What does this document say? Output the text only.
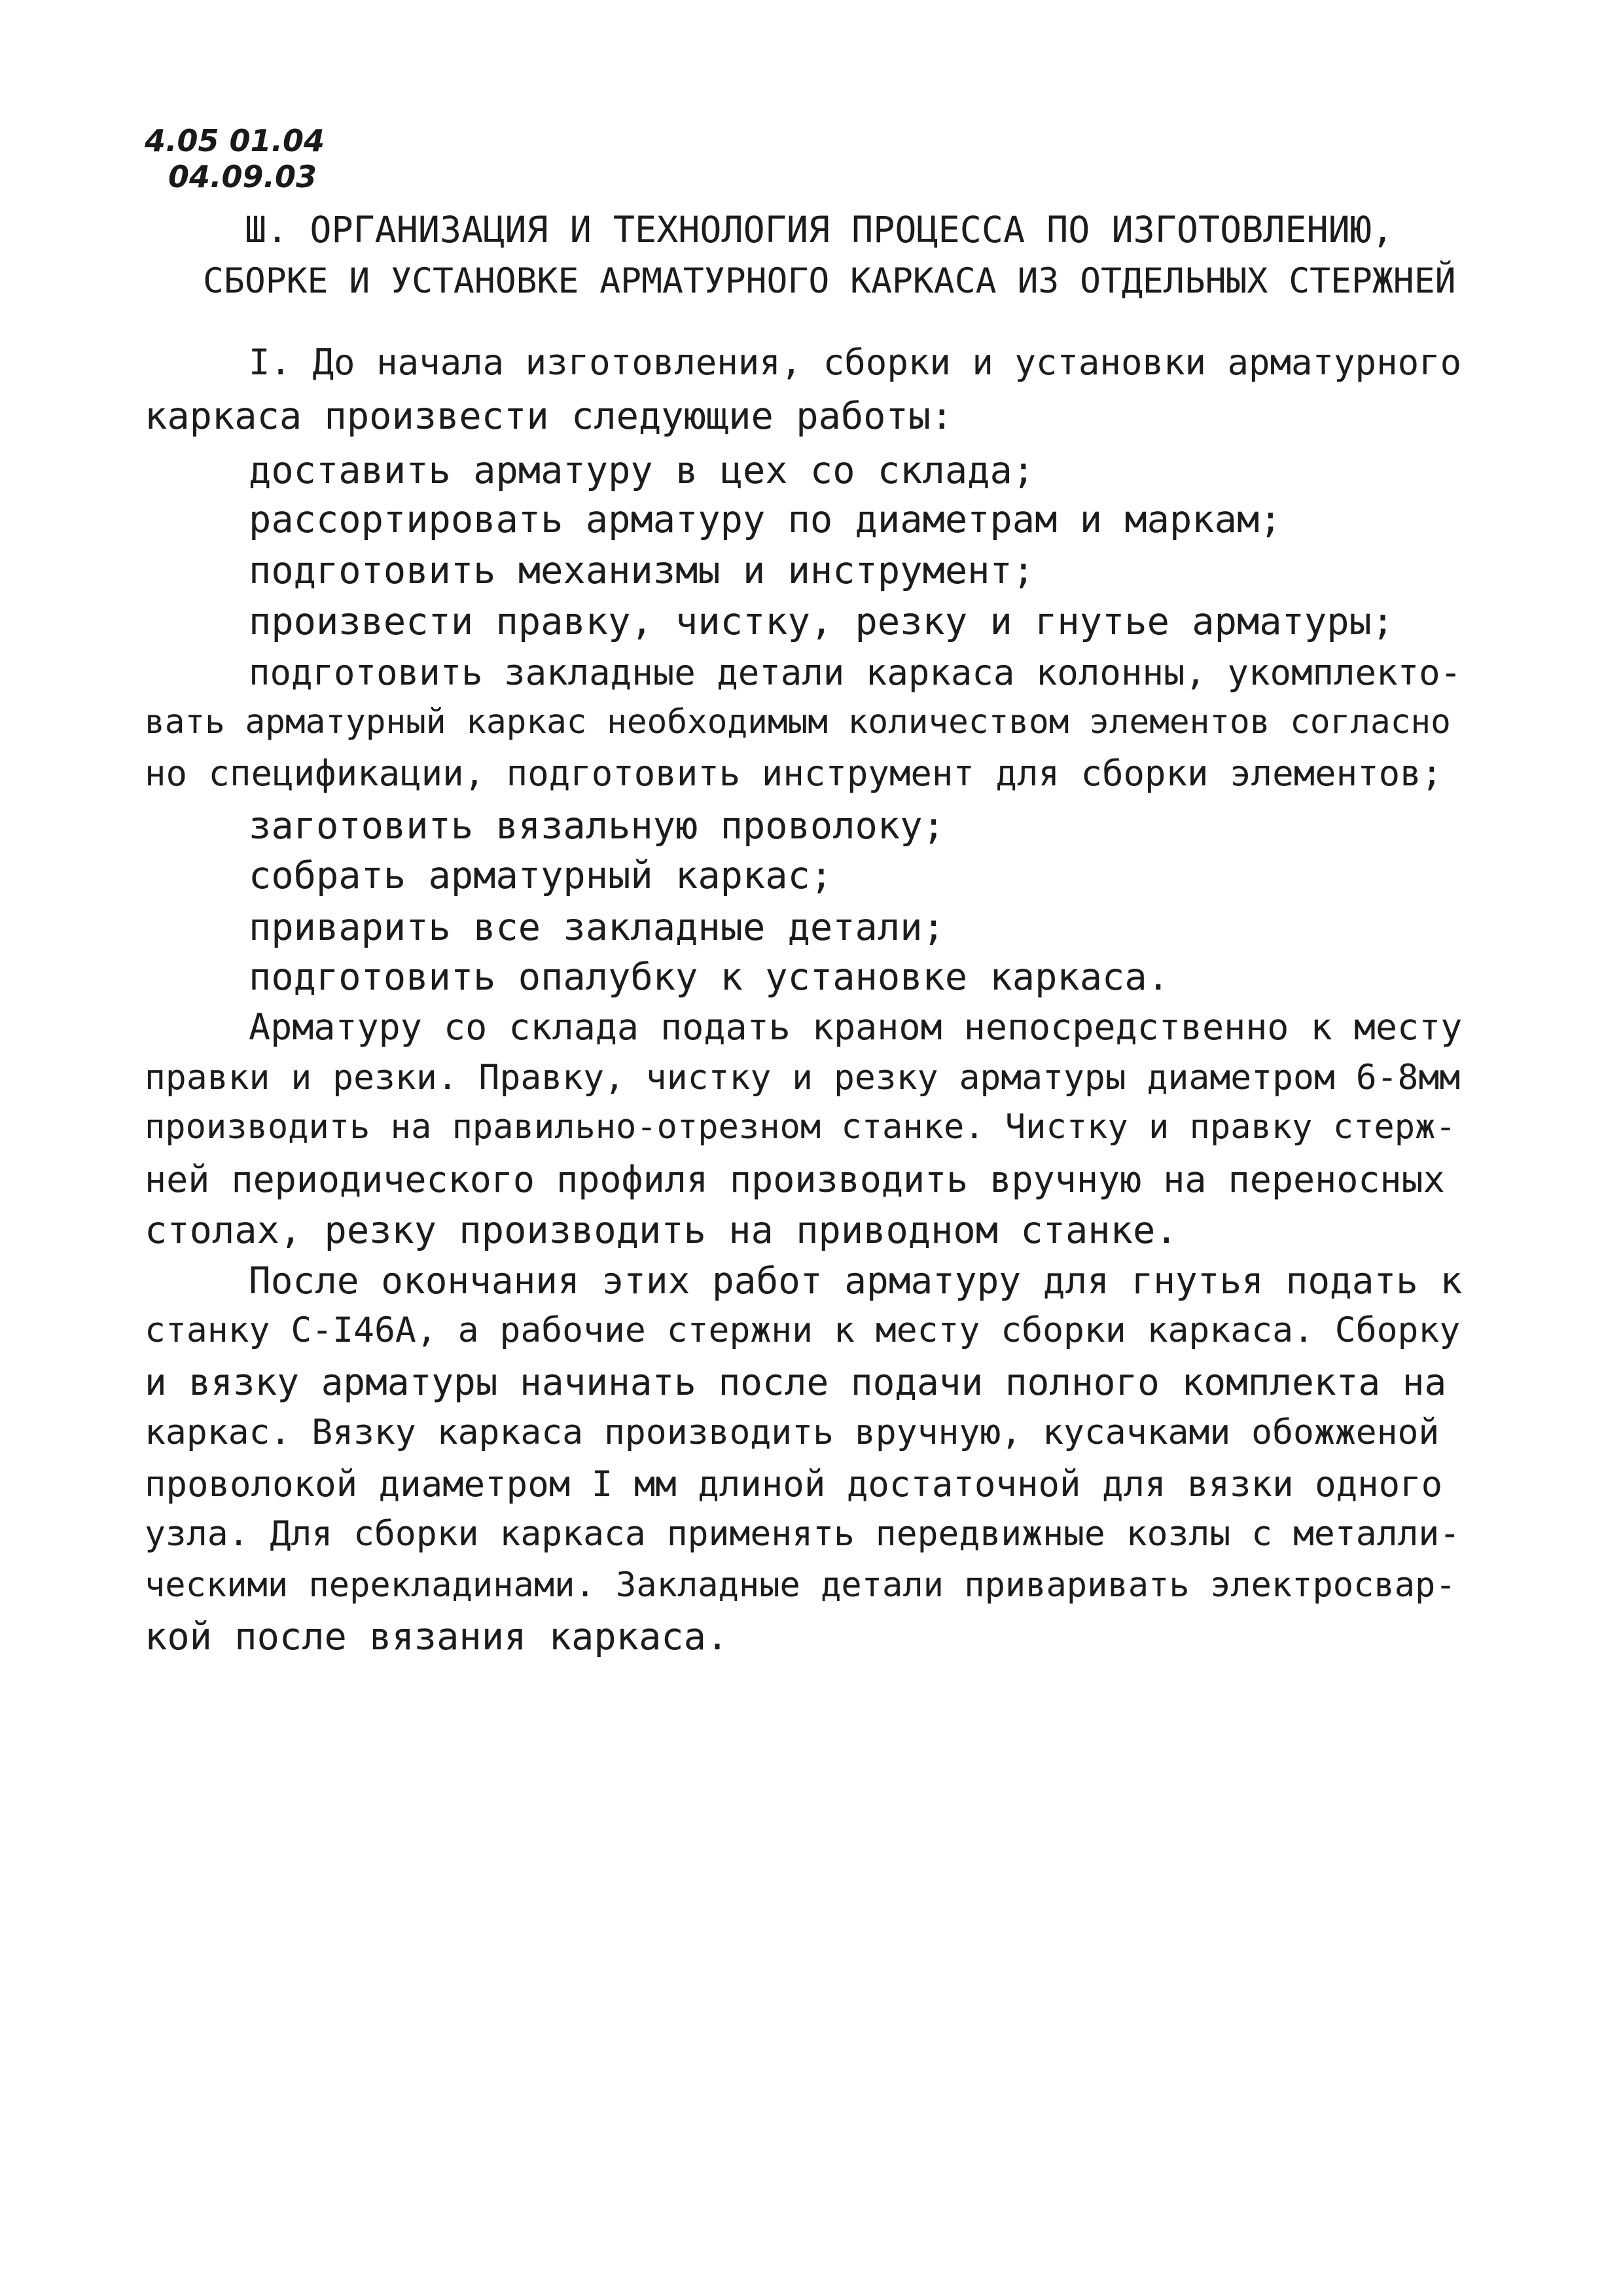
4.05 01.04
04.09.03
Ш. ОРГАНИЗАЦИЯ И ТЕХНОЛОГИЯ ПРОЦЕССА ПО ИЗГОТОВЛЕНИЮ,
СБОРКЕ И УСТАНОВКЕ АРМАТУРНОГО КАРКАСА ИЗ ОТДЕЛЬНЫХ СТЕРЖНЕЙ
I. До начала изготовления, сборки и установки арматурного
каркаса произвести следующие работы:
доставить арматуру в цех со склада;
рассортировать арматуру по диаметрам и маркам;
подготовить механизмы и инструмент;
произвести правку, чистку, резку и гнутье арматуры;
подготовить закладные детали каркаса колонны, укомплекто-
вать арматурный каркас необходимым количеством элементов согласно
но спецификации, подготовить инструмент для сборки элементов;
заготовить вязальную проволоку;
собрать арматурный каркас;
приварить все закладные детали;
подготовить опалубку к установке каркаса.
Арматуру со склада подать краном непосредственно к месту
правки и резки. Правку, чистку и резку арматуры диаметром 6-8мм
производить на правильно-отрезном станке. Чистку и правку стерж-
ней периодического профиля производить вручную на переносных
столах, резку производить на приводном станке.
После окончания этих работ арматуру для гнутья подать к
станку С-I46А, а рабочие стержни к месту сборки каркаса. Сборку
и вязку арматуры начинать после подачи полного комплекта на
каркас. Вязку каркаса производить вручную, кусачками обожженой
проволокой диаметром I мм длиной достаточной для вязки одного
узла. Для сборки каркаса применять передвижные козлы с металли-
ческими перекладинами. Закладные детали приваривать электросвар-
кой после вязания каркаса.
